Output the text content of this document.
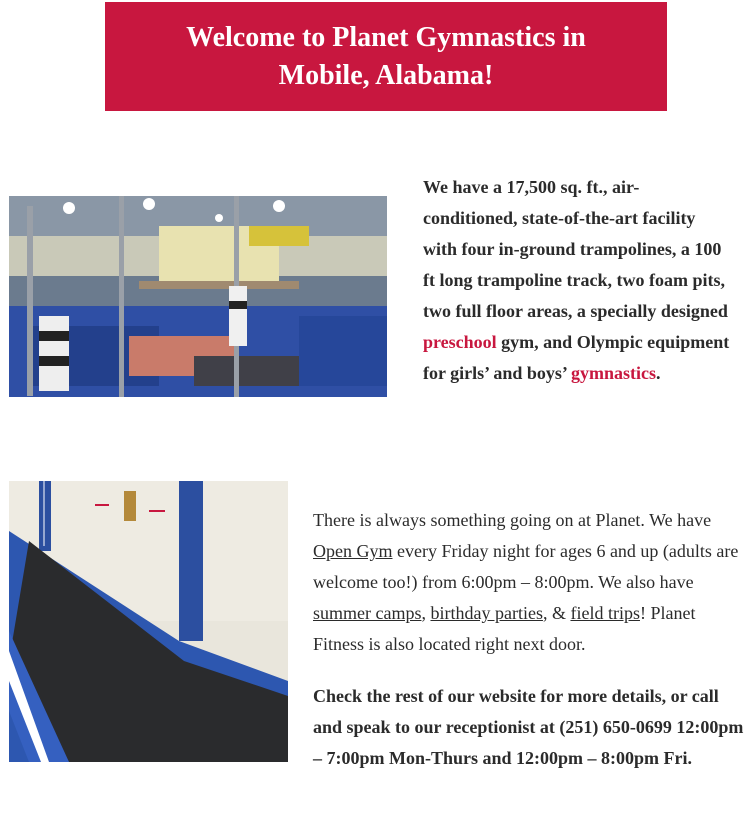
Welcome to Planet Gymnastics in Mobile, Alabama!
We have a 17,500 sq. ft., air-conditioned, state-of-the-art facility with four in-ground trampolines, a 100 ft long trampoline track, two foam pits, two full floor areas, a specially designed preschool gym, and Olympic equipment for girls’ and boys’ gymnastics.

There is always something going on at Planet. We have Open Gym every Friday night for ages 6 and up (adults are welcome too!) from 6:00pm – 8:00pm. We also have summer camps, birthday parties, & field trips! Planet Fitness is also located right next door.

Check the rest of our website for more details, or call and speak to our receptionist at (251) 650-0699 12:00pm – 7:00pm Mon-Thurs and 12:00pm – 8:00pm Fri.
